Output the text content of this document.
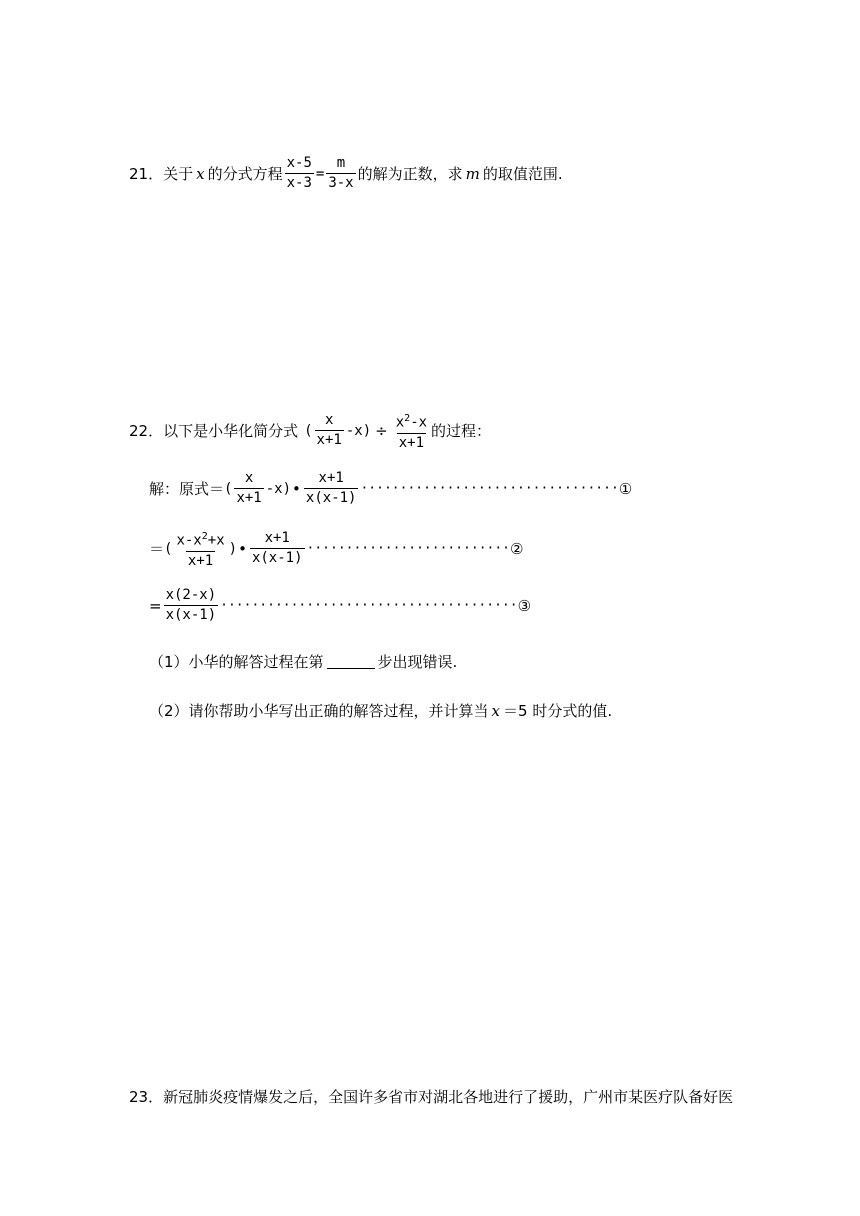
21． 关于 x 的分式方程 $\frac{x-5}{x-3} = \frac{m}{3-x}$ 的解为正数，求 m 的取值范围.
22． 以下是小华化简分式 ( $\frac{x}{x+1} -x) \div \frac{x^2-x}{x+1}$ 的过程：
解：原式＝ ( $\frac{x}{x+1} -x$) • $\frac{x+1}{x(x-1)}$ ································· ①
＝ ( $\frac{x-x^2+x}{x+1}$ ) • $\frac{x+1}{x(x-1)}$ ·························· ②
= $\frac{x(2-x)}{x(x-1)}$ ······································ ③
（1）小华的解答过程在第	步出现错误.
（2）请你帮助小华写出正确的解答过程，并计算当 x ＝5 时分式的值.
23． 新冠肺炎疫情爆发之后，全国许多省市对湖北各地进行了援助，广州市某医疗队备好医
